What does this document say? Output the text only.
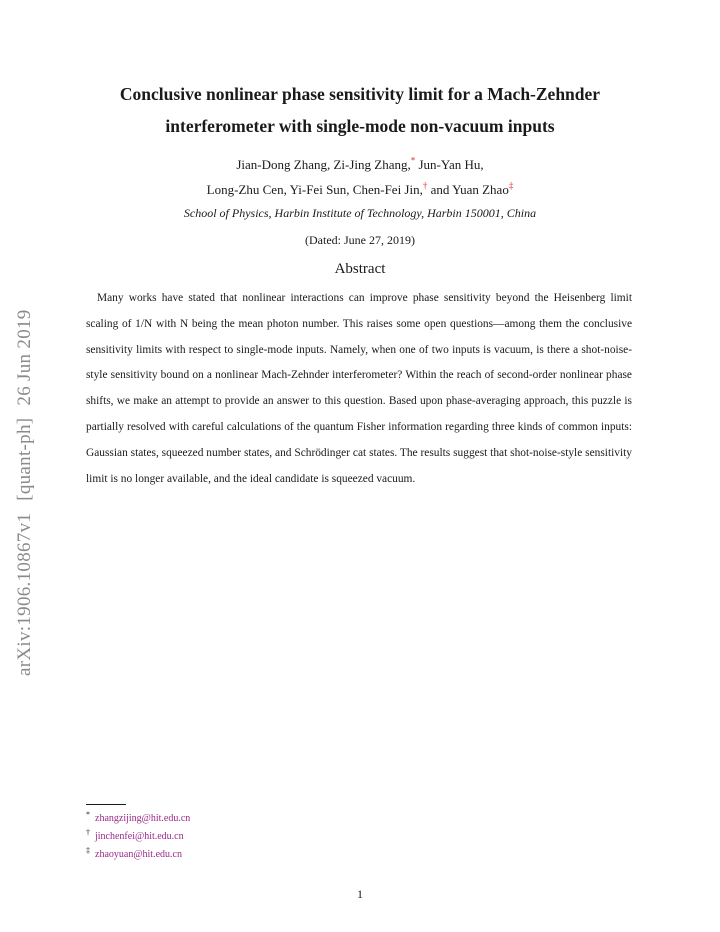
arXiv:1906.10867v1[quant-ph]26 Jun 2019
Conclusive nonlinear phase sensitivity limit for a Mach-Zehnder
interferometer with single-mode non-vacuum inputs
Jian-Dong Zhang, Zi-Jing Zhang,* Jun-Yan Hu,
Long-Zhu Cen, Yi-Fei Sun, Chen-Fei Jin,† and Yuan Zhao‡
School of Physics, Harbin Institute of Technology, Harbin 150001, China
(Dated: June 27, 2019)
Abstract
Many works have stated that nonlinear interactions can improve phase sensitivity beyond the Heisenberg limit scaling of 1/N with N being the mean photon number. This raises some open questions—among them the conclusive sensitivity limits with respect to single-mode inputs. Namely, when one of two inputs is vacuum, is there a shot-noise-style sensitivity bound on a nonlinear Mach-Zehnder interferometer? Within the reach of second-order nonlinear phase shifts, we make an attempt to provide an answer to this question. Based upon phase-averaging approach, this puzzle is partially resolved with careful calculations of the quantum Fisher information regarding three kinds of common inputs: Gaussian states, squeezed number states, and Schrödinger cat states. The results suggest that shot-noise-style sensitivity limit is no longer available, and the ideal candidate is squeezed vacuum.
* zhangzijing@hit.edu.cn
† jinchenfei@hit.edu.cn
‡ zhaoyuan@hit.edu.cn
1
